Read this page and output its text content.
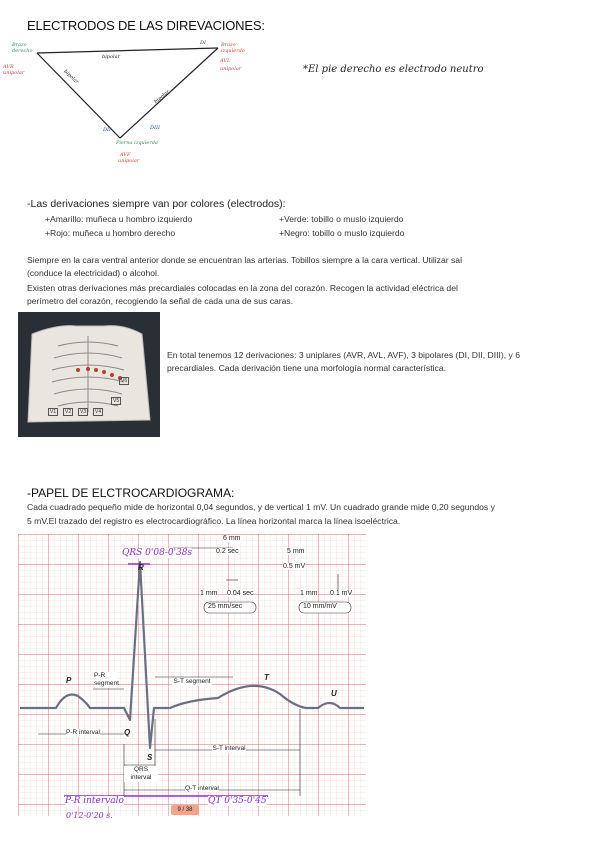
ELECTRODOS DE LAS DIREVACIONES:
Brazo derecho
AVR
unipolar
Brazo izquierdo
AVL
unipolar
DI
bipolar
bipolar
bipolar
DII	DIII
Pierna izquierda
AVF
unipolar
*El pie derecho es electrodo neutro
-Las derivaciones siempre van por colores (electrodos):
+Amarillo: muñeca u hombro izquierdo	+Verde: tobillo o muslo izquierdo
+Rojo: muñeca u hombro derecho	+Negro: tobillo o muslo izquierdo
Siempre en la cara ventral anterior donde se encuentran las arterias. Tobillos siempre a la cara vertical. Utilizar sal
(conduce la electricidad) o alcohol.
Existen otras derivaciones más precardiales colocadas en la zona del corazón. Recogen la actividad eléctrica del
perímetro del corazón, recogiendo la señal de cada una de sus caras.
V6
V5
V4
V3
V2
V1
En total tenemos 12 derivaciones: 3 uniplares (AVR, AVL, AVF), 3 bipolares (DI, DII, DIII), y 6
precardiales. Cada derivación tiene una morfología normal característica.
-PAPEL DE ELCTROCARDIOGRAMA:
Cada cuadrado pequeño mide de horizontal 0,04 segundos, y de vertical 1 mV. Un cuadrado grande mide 0,20 segundos y
5 mV.El trazado del registro es electrocardiográfico. La línea horizontal marca la línea isoeléctrica.
6 mm
0.2 sec	5 mm
0.5 mV
1 mm 0.04 sec	1 mm 0.1 mV
25 mm/sec	10 mm/mV
R
P
Q
S
T
U
P-R segment	S-T segment
P-R interval
S-T interval
QRS interval
Q-T interval
QRS 0'08-0'38s
P-R intervalo
0'12-0'20 s.
QT 0'35-0'45
9 / 38
